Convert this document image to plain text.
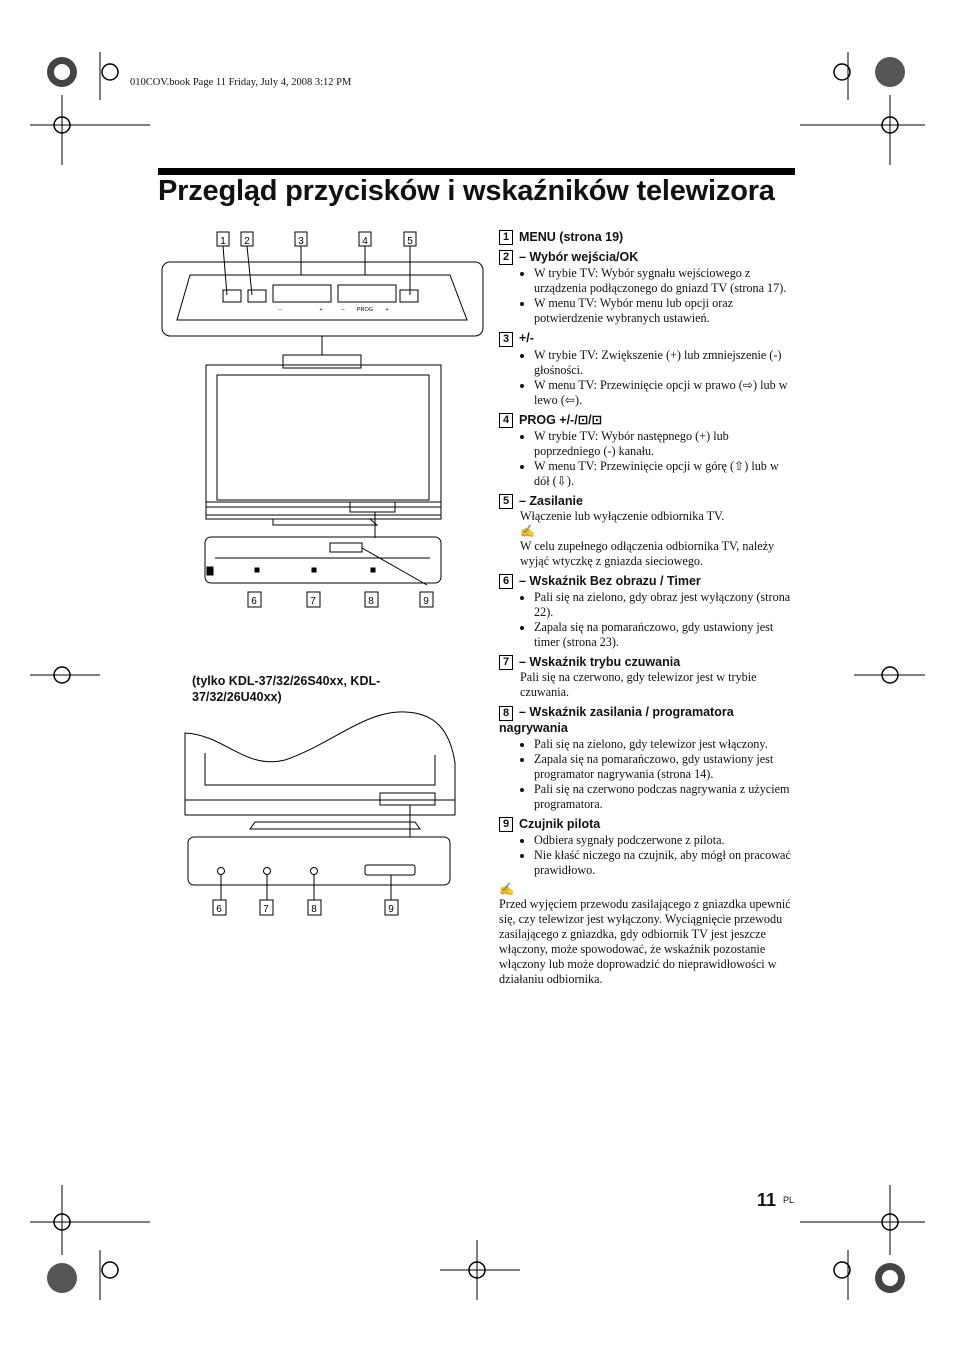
010COV.book Page 11 Friday, July 4, 2008 3:12 PM
Przegląd przycisków i wskaźników telewizora
1 2	3	4	5
6	7	8	9
6	7	8	9
–	+	– PROG +
(tylko KDL-37/32/26S40xx, KDL-37/32/26U40xx)
1 MENU (strona 19)
2 – Wybór wejścia/OK
• W trybie TV: Wybór sygnału wejściowego z urządzenia podłączonego do gniazd TV (strona 17).
• W menu TV: Wybór menu lub opcji oraz potwierdzenie wybranych ustawień.
3 +/-
• W trybie TV: Zwiększenie (+) lub zmniejszenie (-) głośności.
• W menu TV: Przewinięcie opcji w prawo (⇨) lub w lewo (⇦).
4 PROG +/-/⊡/⊡
• W trybie TV: Wybór następnego (+) lub poprzedniego (-) kanału.
• W menu TV: Przewinięcie opcji w górę (⇧) lub w dół (⇩).
5 – Zasilanie
Włączenie lub wyłączenie odbiornika TV.
✍
W celu zupełnego odłączenia odbiornika TV, należy wyjąć wtyczkę z gniazda sieciowego.
6 – Wskaźnik Bez obrazu / Timer
• Pali się na zielono, gdy obraz jest wyłączony (strona 22).
• Zapala się na pomarańczowo, gdy ustawiony jest timer (strona 23).
7 – Wskaźnik trybu czuwania
Pali się na czerwono, gdy telewizor jest w trybie czuwania.
8 – Wskaźnik zasilania / programatora nagrywania
• Pali się na zielono, gdy telewizor jest włączony.
• Zapala się na pomarańczowo, gdy ustawiony jest programator nagrywania (strona 14).
• Pali się na czerwono podczas nagrywania z użyciem programatora.
9 Czujnik pilota
• Odbiera sygnały podczerwone z pilota.
• Nie kłaść niczego na czujnik, aby mógł on pracować prawidłowo.
✍
Przed wyjęciem przewodu zasilającego z gniazdka upewnić się, czy telewizor jest wyłączony. Wyciągnięcie przewodu zasilającego z gniazdka, gdy odbiornik TV jest jeszcze włączony, może spowodować, że wskaźnik pozostanie włączony lub może doprowadzić do nieprawidłowości w działaniu odbiornika.
11 PL
